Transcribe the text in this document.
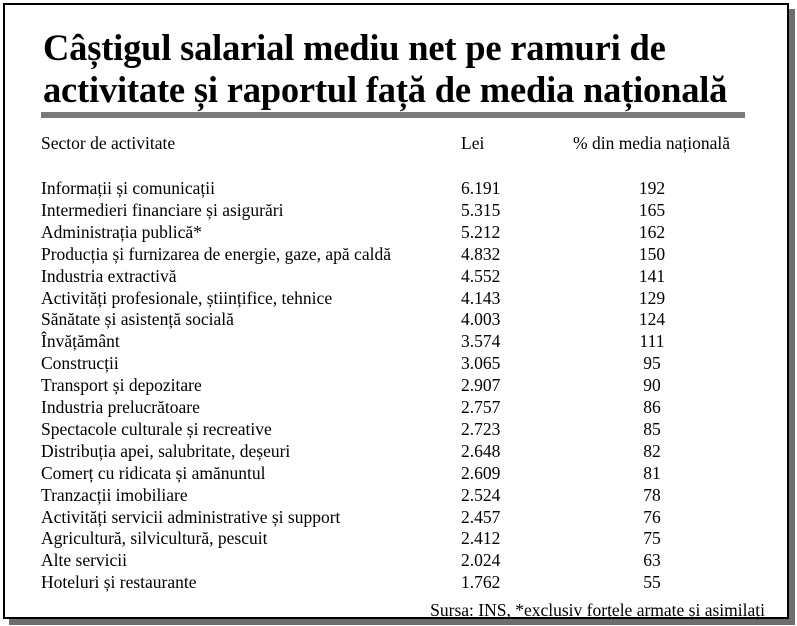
Câștigul salarial mediu net pe ramuri de
activitate și raportul față de media națională
Sector de activitate	Lei	% din media națională
Informații și comunicații	6.191	192
Intermedieri financiare și asigurări	5.315	165
Administrația publică*	5.212	162
Producția și furnizarea de energie, gaze, apă caldă	4.832	150
Industria extractivă	4.552	141
Activități profesionale, științifice, tehnice	4.143	129
Sănătate și asistență socială	4.003	124
Învățământ	3.574	111
Construcții	3.065	95
Transport și depozitare	2.907	90
Industria prelucrătoare	2.757	86
Spectacole culturale și recreative	2.723	85
Distribuția apei, salubritate, deșeuri	2.648	82
Comerț cu ridicata și amănuntul	2.609	81
Tranzacții imobiliare	2.524	78
Activități servicii administrative și support	2.457	76
Agricultură, silvicultură, pescuit	2.412	75
Alte servicii	2.024	63
Hoteluri și restaurante	1.762	55
Sursa: INS, *exclusiv forțele armate și asimilați
